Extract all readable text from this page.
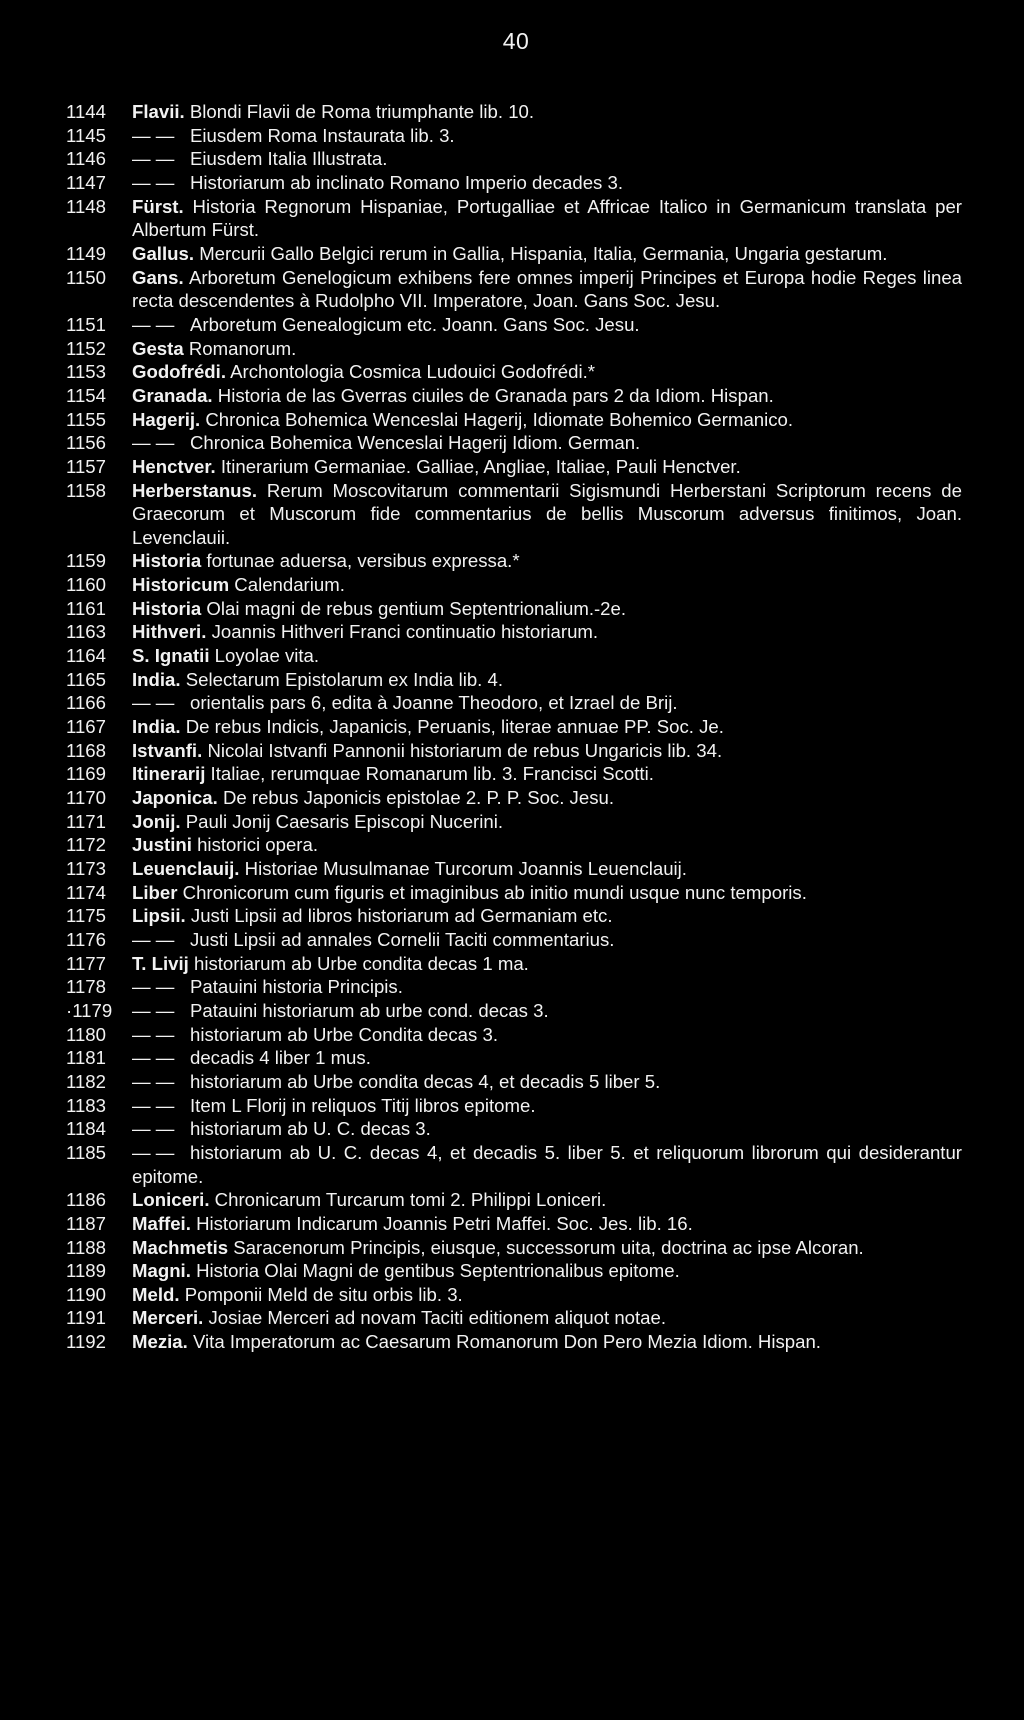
40
1144	Flavii. Blondi Flavii de Roma triumphante lib. 10.
1145	— — Eiusdem Roma Instaurata lib. 3.
1146	— — Eiusdem Italia Illustrata.
1147	— — Historiarum ab inclinato Romano Imperio decades 3.
1148	Fürst. Historia Regnorum Hispaniae, Portugalliae et Affricae Italico in Germanicum translata per Albertum Fürst.
1149	Gallus. Mercurii Gallo Belgici rerum in Gallia, Hispania, Italia, Germania, Ungaria gestarum.
1150	Gans. Arboretum Genelogicum exhibens fere omnes imperij Principes et Europa hodie Reges linea recta descendentes à Rudolpho VII. Imperatore, Joan. Gans Soc. Jesu.
1151	— — Arboretum Genealogicum etc. Joann. Gans Soc. Jesu.
1152	Gesta Romanorum.
1153	Godofrédi. Archontologia Cosmica Ludouici Godofrédi.*
1154	Granada. Historia de las Gverras ciuiles de Granada pars 2 da Idiom. Hispan.
1155	Hagerij. Chronica Bohemica Wenceslai Hagerij, Idiomate Bohemico Germanico.
1156	— — Chronica Bohemica Wenceslai Hagerij Idiom. German.
1157	Henctver. Itinerarium Germaniae. Galliae, Angliae, Italiae, Pauli Henctver.
1158	Herberstanus. Rerum Moscovitarum commentarii Sigismundi Herberstani Scriptorum recens de Graecorum et Muscorum fide commentarius de bellis Muscorum adversus finitimos, Joan. Levenclauii.
1159	Historia fortunae aduersa, versibus expressa.*
1160	Historicum Calendarium.
1161	Historia Olai magni de rebus gentium Septentrionalium.-2e.
1163	Hithveri. Joannis Hithveri Franci continuatio historiarum.
1164	S. Ignatii Loyolae vita.
1165	India. Selectarum Epistolarum ex India lib. 4.
1166	— — orientalis pars 6, edita à Joanne Theodoro, et Izrael de Brij.
1167	India. De rebus Indicis, Japanicis, Peruanis, literae annuae PP. Soc. Je.
1168	Istvanfi. Nicolai Istvanfi Pannonii historiarum de rebus Ungaricis lib. 34.
1169	Itinerarij Italiae, rerumquae Romanarum lib. 3. Francisci Scotti.
1170	Japonica. De rebus Japonicis epistolae 2. P. P. Soc. Jesu.
1171	Jonij. Pauli Jonij Caesaris Episcopi Nucerini.
1172	Justini historici opera.
1173	Leuenclauij. Historiae Musulmanae Turcorum Joannis Leuenclauij.
1174	Liber Chronicorum cum figuris et imaginibus ab initio mundi usque nunc temporis.
1175	Lipsii. Justi Lipsii ad libros historiarum ad Germaniam etc.
1176	— — Justi Lipsii ad annales Cornelii Taciti commentarius.
1177	T. Livij historiarum ab Urbe condita decas 1 ma.
1178	— — Patauini historia Principis.
·1179	— — Patauini historiarum ab urbe cond. decas 3.
1180	— — historiarum ab Urbe Condita decas 3.
1181	— — decadis 4 liber 1 mus.
1182	— — historiarum ab Urbe condita decas 4, et decadis 5 liber 5.
1183	— — Item L Florij in reliquos Titij libros epitome.
1184	— — historiarum ab U. C. decas 3.
1185	— — historiarum ab U. C. decas 4, et decadis 5. liber 5. et reliquorum librorum qui desiderantur epitome.
1186	Loniceri. Chronicarum Turcarum tomi 2. Philippi Loniceri.
1187	Maffei. Historiarum Indicarum Joannis Petri Maffei. Soc. Jes. lib. 16.
1188	Machmetis Saracenorum Principis, eiusque, successorum uita, doctrina ac ipse Alcoran.
1189	Magni. Historia Olai Magni de gentibus Septentrionalibus epitome.
1190	Meld. Pomponii Meld de situ orbis lib. 3.
1191	Merceri. Josiae Merceri ad novam Taciti editionem aliquot notae.
1192	Mezia. Vita Imperatorum ac Caesarum Romanorum Don Pero Mezia Idiom. Hispan.
